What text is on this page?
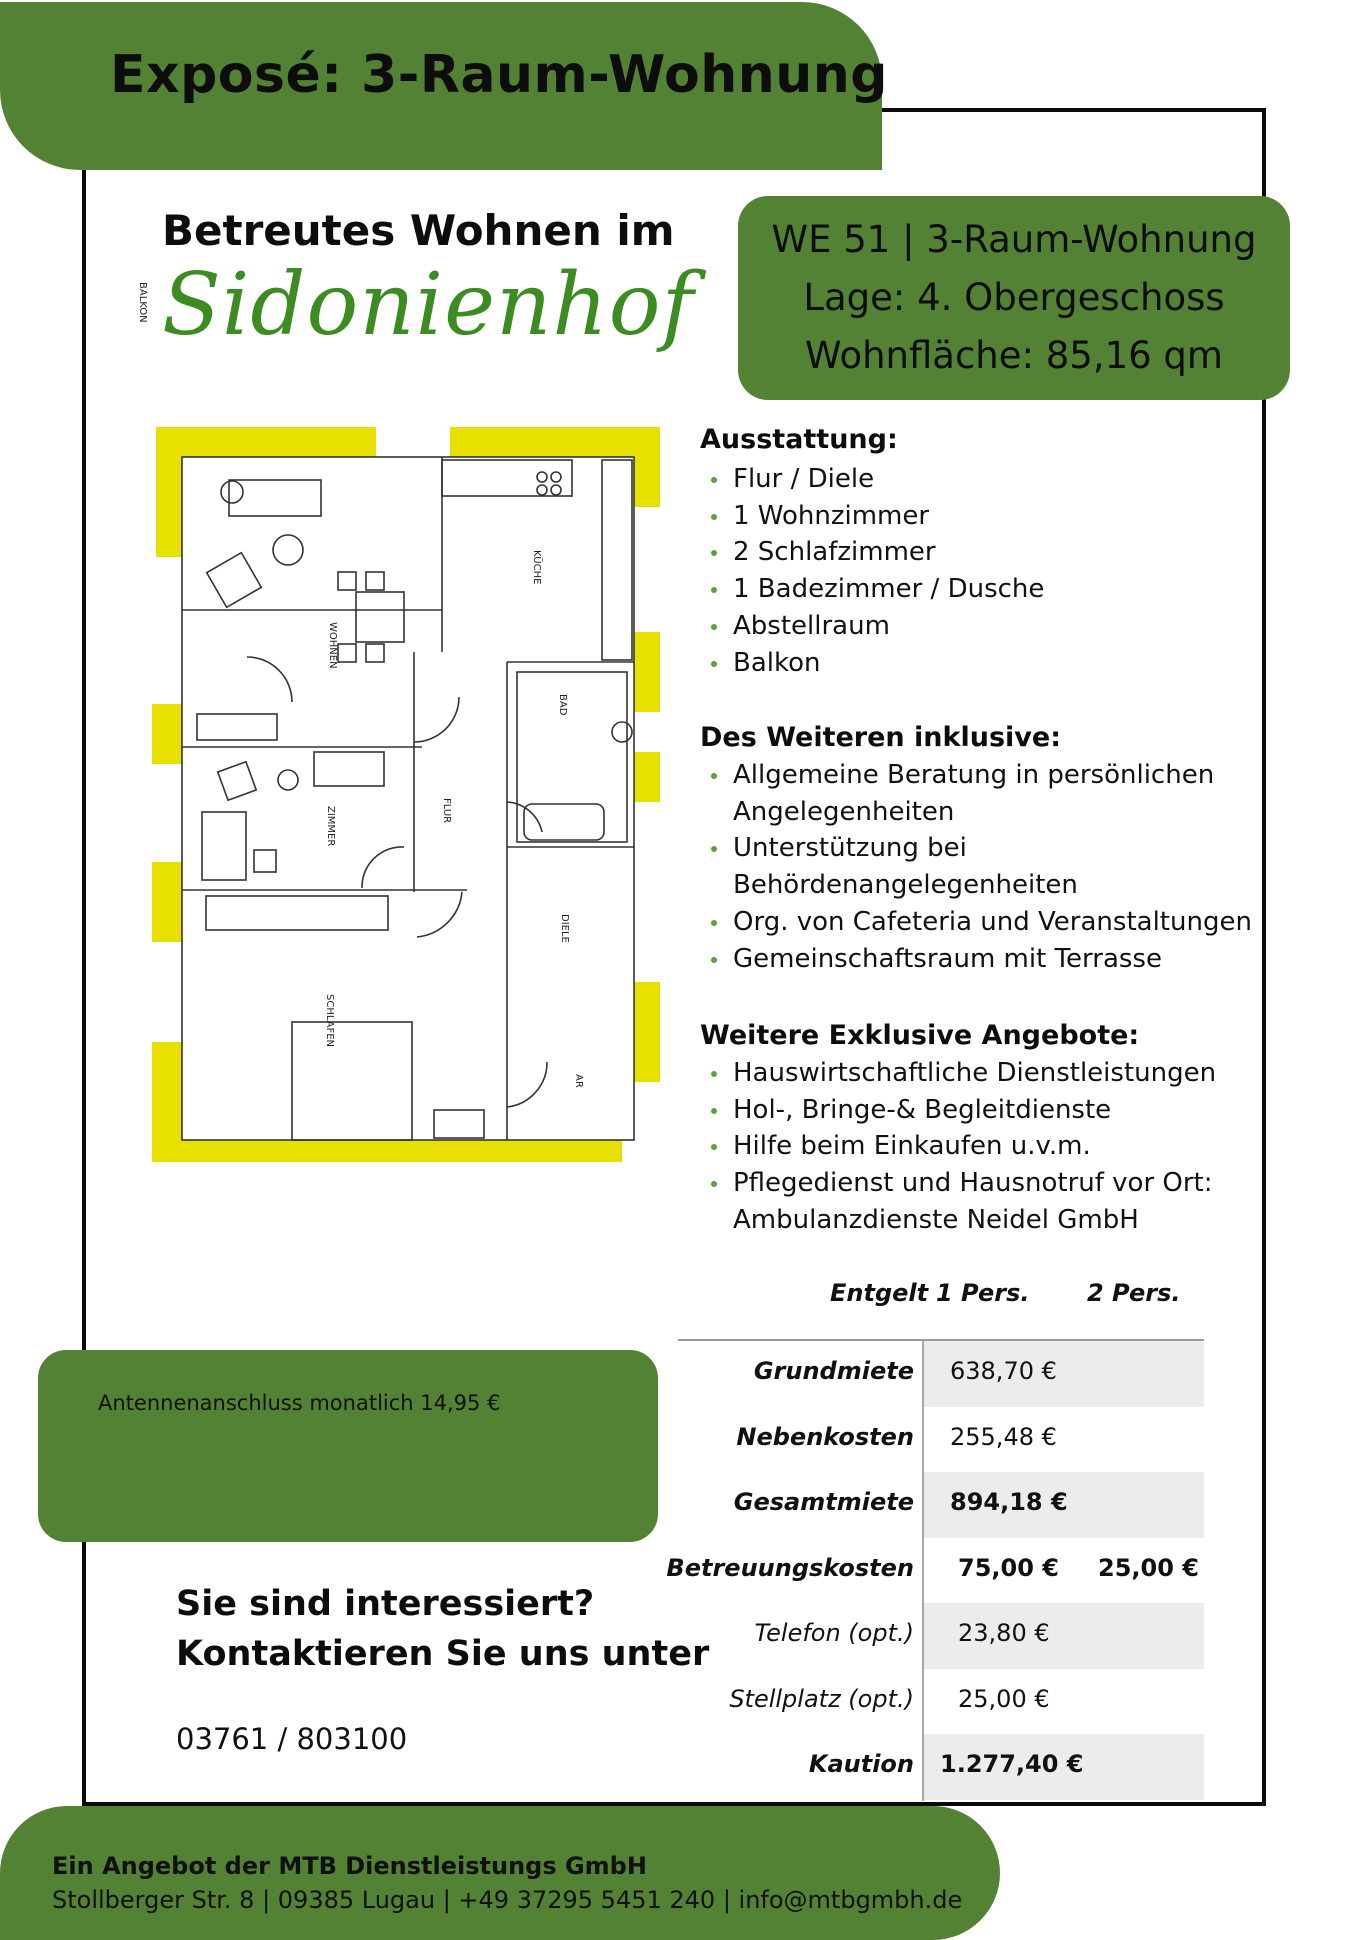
Exposé: 3-Raum-Wohnung
Betreutes Wohnen im
Sidonienhof
WE 51 | 3-Raum-Wohnung
Lage: 4. Obergeschoss
Wohnfläche: 85,16 qm
BALKON
WOHNEN
KÜCHE
BAD
ZIMMER	FLUR
DIELE
SCHLAFEN
AR
Ausstattung:
Flur / Diele
1 Wohnzimmer
2 Schlafzimmer
1 Badezimmer / Dusche
Abstellraum
Balkon
Des Weiteren inklusive:
Allgemeine Beratung in persönlichen
Angelegenheiten
Unterstützung bei
Behördenangelegenheiten
Org. von Cafeteria und Veranstaltungen
Gemeinschaftsraum mit Terrasse
Weitere Exklusive Angebote:
Hauswirtschaftliche Dienstleistungen
Hol-, Bringe-& Begleitdienste
Hilfe beim Einkaufen u.v.m.
Pflegedienst und Hausnotruf vor Ort:
Ambulanzdienste Neidel GmbH
Entgelt 1 Pers. 2 Pers.
Grundmiete 638,70 €
Nebenkosten 255,48 €
Gesamtmiete 894,18 €
Betreuungskosten 75,00 € 25,00 €
Telefon (opt.) 23,80 €
Stellplatz (opt.) 25,00 €
Kaution 1.277,40 €
Antennenanschluss monatlich 14,95 €
Sie sind interessiert?
Kontaktieren Sie uns unter
03761 / 803100
Ein Angebot der MTB Dienstleistungs GmbH
Stollberger Str. 8 | 09385 Lugau | +49 37295 5451 240 | info@mtbgmbh.de
